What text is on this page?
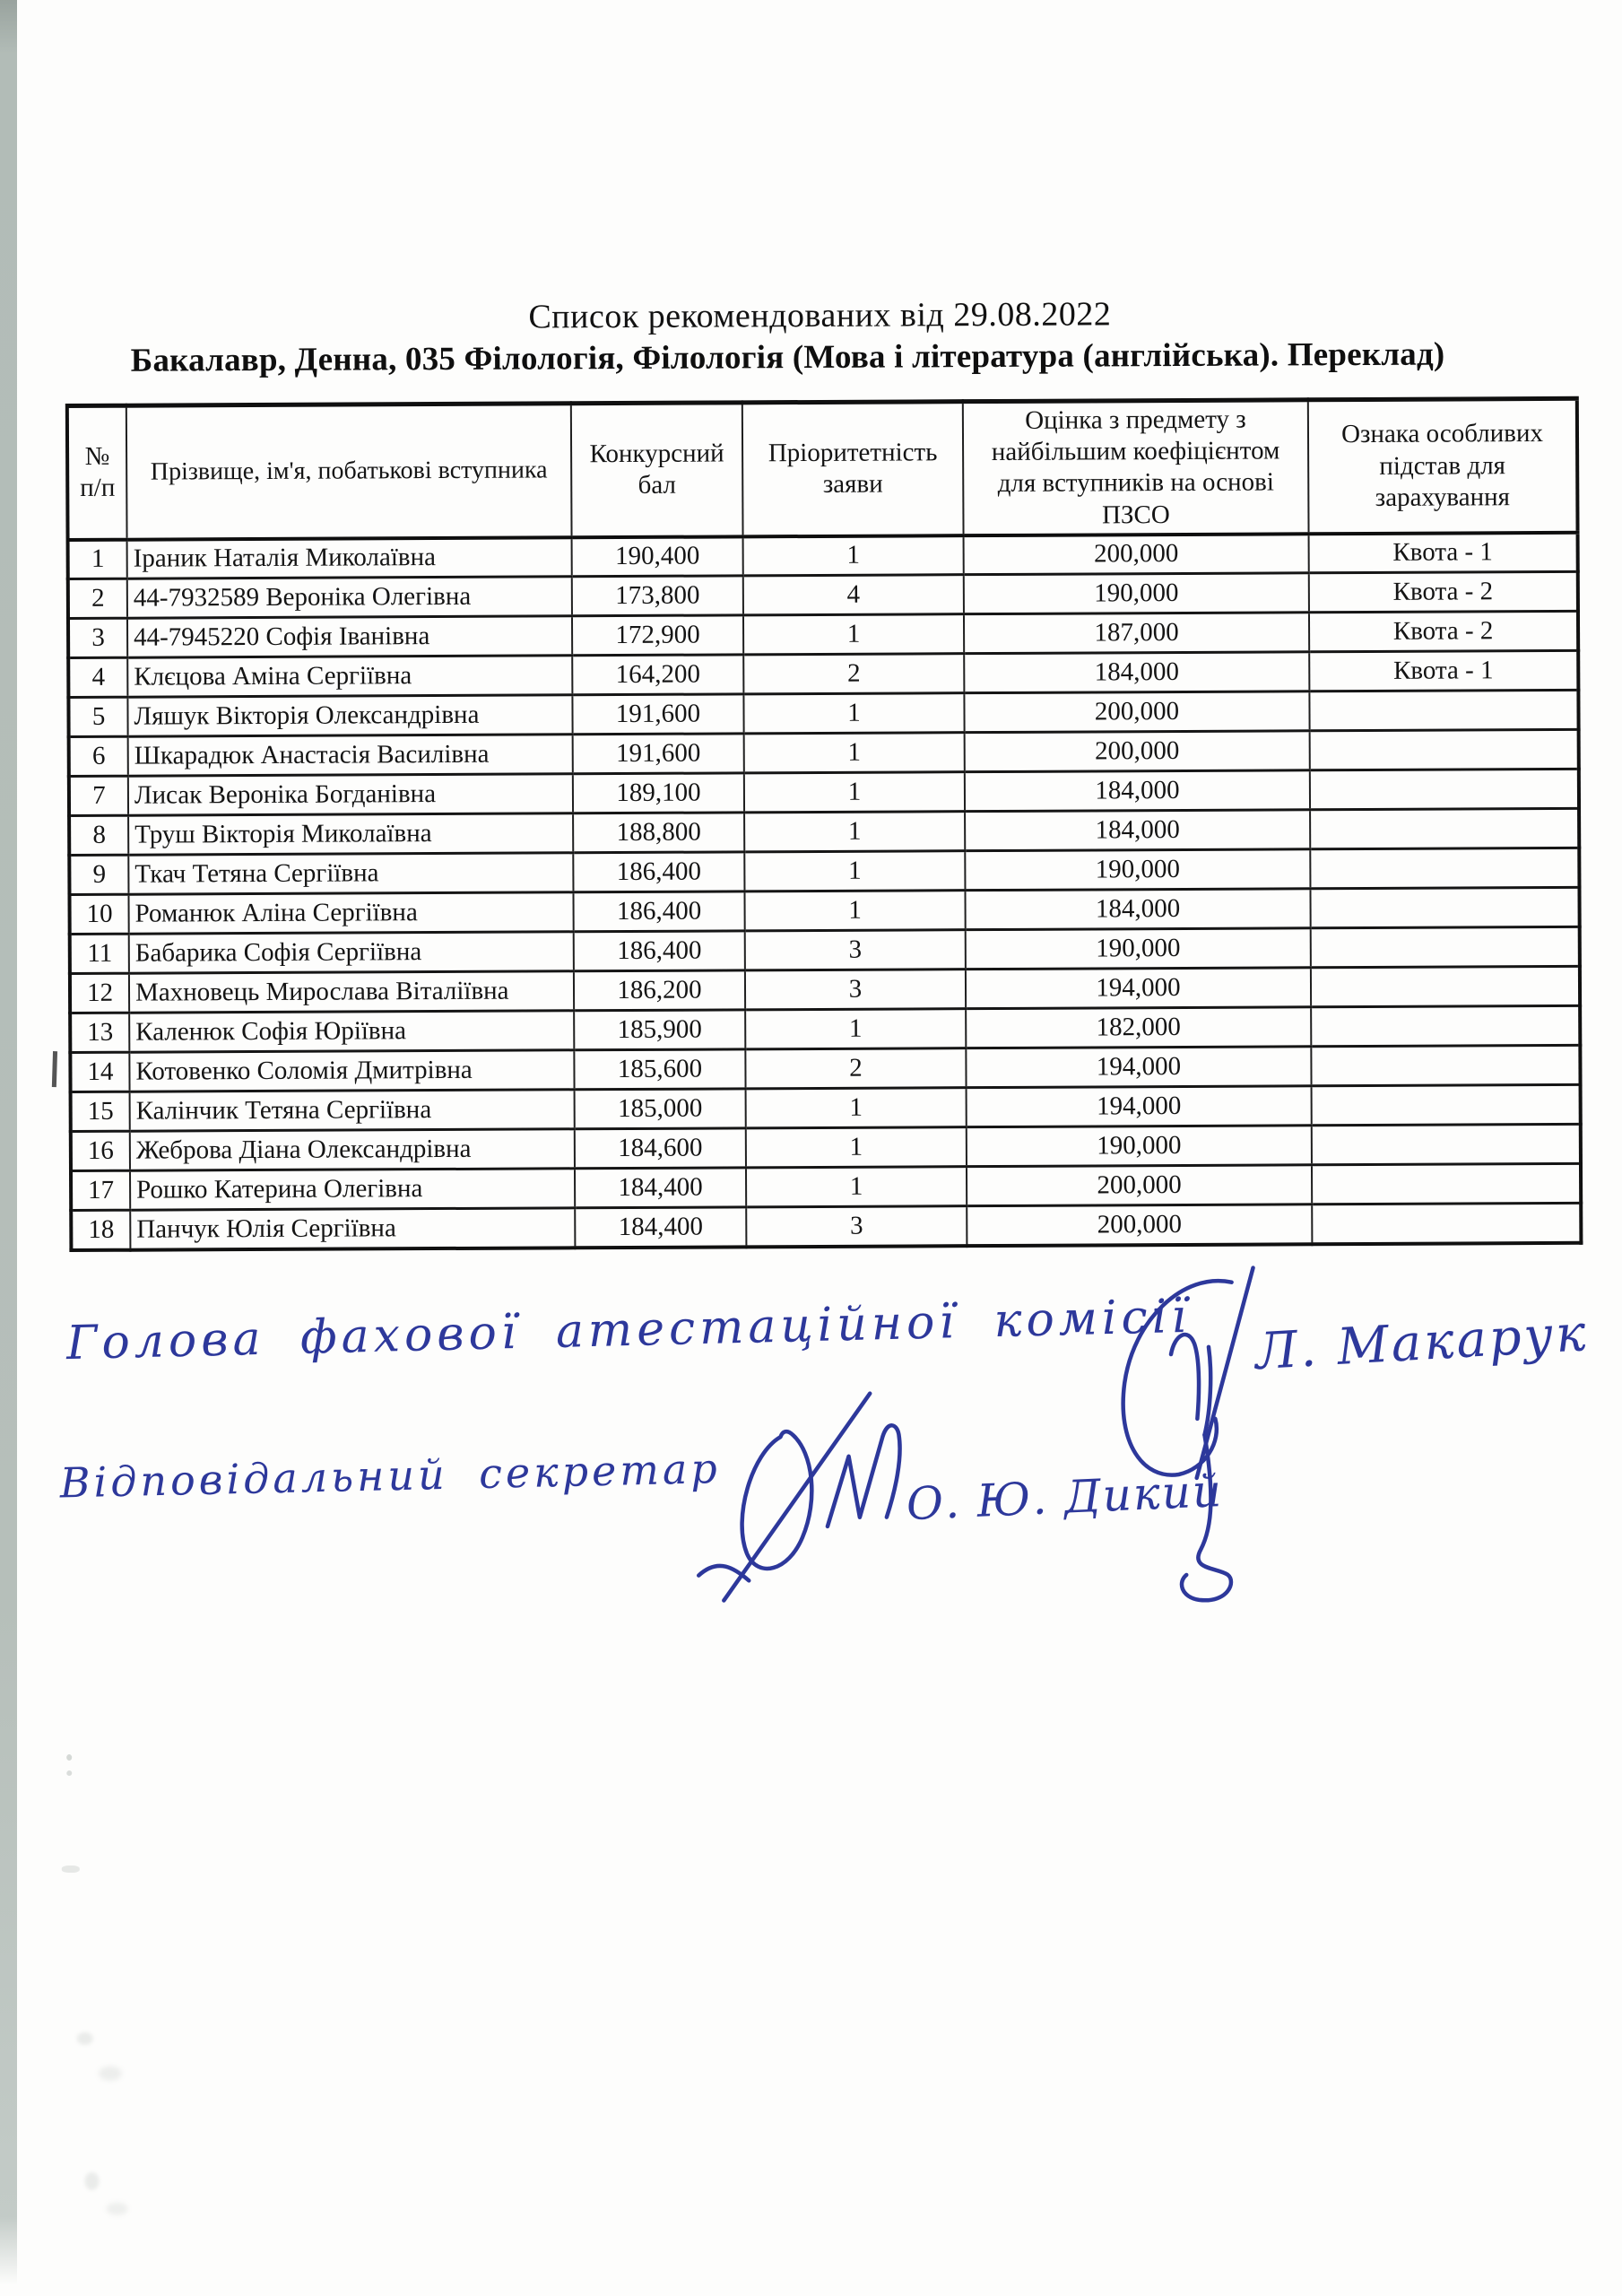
Список рекомендованих від 29.08.2022
Бакалавр, Денна, 035 Філологія, Філологія (Мова і література (англійська). Переклад)
№
п/п	Прізвище, ім'я, побатькові вступника	Конкурсний бал	Пріоритетність заяви	Оцінка з предмету з найбільшим коефіцієнтом для вступників на основі ПЗСО	Ознака особливих підстав для зарахування
1	Іраник Наталія Миколаївна	190,400	1	200,000	Квота - 1
2	44-7932589 Вероніка Олегівна	173,800	4	190,000	Квота - 2
3	44-7945220 Софія Іванівна	172,900	1	187,000	Квота - 2
4	Клєцова Аміна Сергіївна	164,200	2	184,000	Квота - 1
5	Ляшук Вікторія Олександрівна	191,600	1	200,000	
6	Шкарадюк Анастасія Василівна	191,600	1	200,000	
7	Лисак Вероніка Богданівна	189,100	1	184,000	
8	Труш Вікторія Миколаївна	188,800	1	184,000	
9	Ткач Тетяна Сергіївна	186,400	1	190,000	
10	Романюк Аліна Сергіївна	186,400	1	184,000	
11	Бабарика Софія Сергіївна	186,400	3	190,000	
12	Махновець Мирослава Віталіївна	186,200	3	194,000	
13	Каленюк Софія Юріївна	185,900	1	182,000	
14	Котовенко Соломія Дмитрівна	185,600	2	194,000	
15	Калінчик Тетяна Сергіївна	185,000	1	194,000	
16	Жеброва Діана Олександрівна	184,600	1	190,000	
17	Рошко Катерина Олегівна	184,400	1	200,000	
18	Панчук Юлія Сергіївна	184,400	3	200,000	
Голова фахової атестаційної комісії Л. Макарук
Відповідальний секретар	О. Ю. Дикий
